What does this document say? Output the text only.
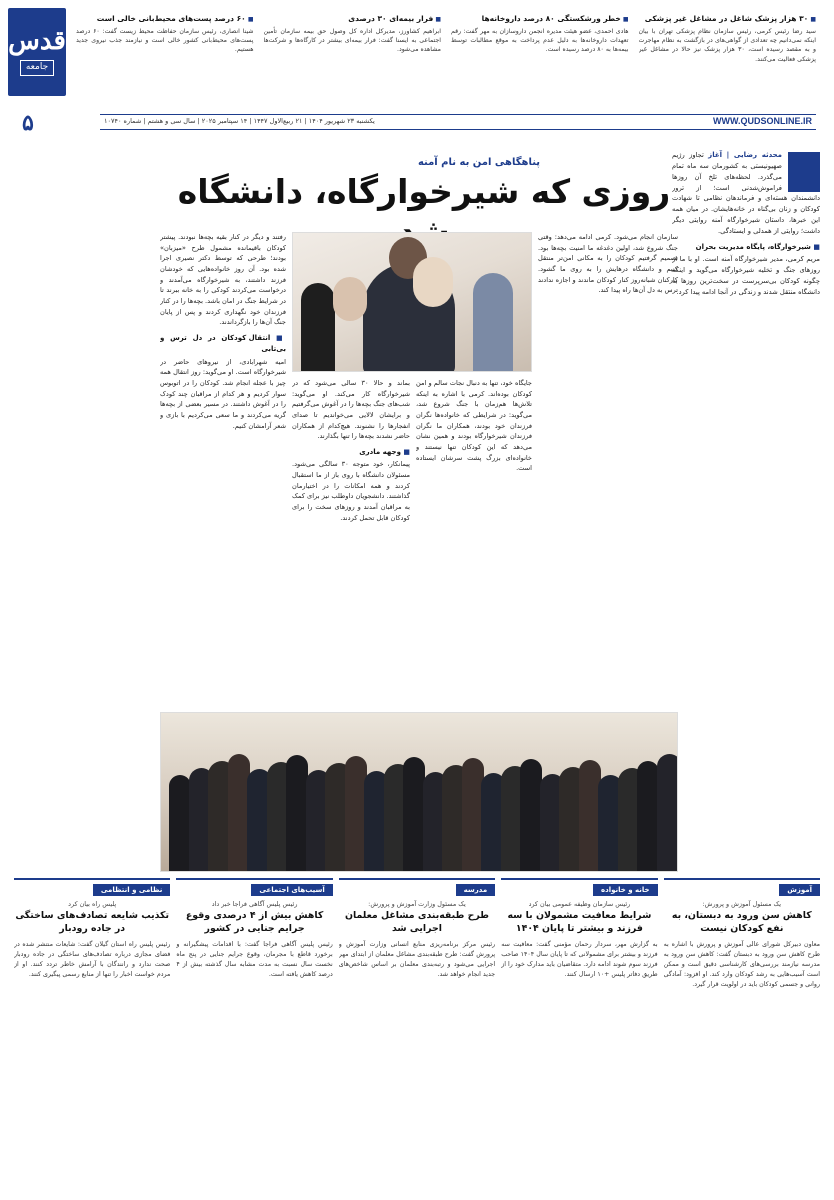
قدس
جامعه
■ ۳۰ هزار پزشک شاغل در مشاغل غیر پزشکی

سید رضا رئیس کرمی، رئیس سازمان نظام پزشکی تهران با بیان اینکه نمی‌دانیم چه تعدادی از گواهی‌های در بازگشت به نظام مهاجرت و به مقصد رسیده است، ۳۰ هزار پزشک نیز حالا در مشاغل غیر پزشکی فعالیت می‌کنند.

■ خطر ورشکستگی ۸۰ درصد داروخانه‌ها

هادی احمدی، عضو هیئت مدیره انجمن داروسازان به مهر گفت: رقم تعهدات داروخانه‌ها به دلیل عدم پرداخت به موقع مطالبات توسط بیمه‌ها به ۸۰ درصد رسیده است.

■ فرار بیمه‌ای ۳۰ درصدی

ابراهیم کشاورز، مدیرکل اداره کل وصول حق بیمه سازمان تأمین اجتماعی به ایسنا گفت: فرار بیمه‌ای بیشتر در کارگاه‌ها و شرکت‌ها مشاهده می‌شود.

■ ۶۰ درصد پست‌های محیط‌بانی خالی است

شینا انصاری، رئیس سازمان حفاظت محیط زیست گفت: ۶۰ درصد پست‌های محیط‌بانی کشور خالی است و نیازمند جذب نیروی جدید هستیم.

۵	WWW.QUDSONLINE.IR
یکشنبه ۲۳ شهریور ۱۴۰۴ | ۲۱ ربیع‌الاول ۱۴۴۷ | ۱۴ سپتامبر ۲۰۲۵ | سال سی و هشتم | شماره ۱۰۷۴۰

محدثه رضایی | آغاز تجاوز رژیم صهیونیستی به کشورمان سه ماه تمام می‌گذرد. لحظه‌های تلخ آن روزها فراموش‌شدنی است؛ از ترور دانشمندان هسته‌ای و فرماندهان نظامی تا شهادت کودکان و زنان بی‌گناه در خانه‌هایشان. در میان همه این خبرها، داستان شیرخوارگاه آمنه روایتی دیگر داشت؛ روایتی از همدلی و ایستادگی.

■ شیرخوارگاه، پایگاه مدیریت بحران

مریم کرمی، مدیر شیرخوارگاه آمنه است. او با ما از روزهای جنگ و تخلیه شیرخوارگاه می‌گوید و اینکه چگونه کودکان بی‌سرپرست در سخت‌ترین روزها به دانشگاه منتقل شدند و زندگی در آنجا ادامه پیدا کرد.

پناهگاهی امن به نام آمنه
روزی که شیرخوارگاه، دانشگاه

سازمان انجام می‌شود. کرمی ادامه می‌دهد: وقتی جنگ شروع شد، اولین دغدغه ما امنیت بچه‌ها بود. تصمیم گرفتیم کودکان را به مکانی امن‌تر منتقل کنیم و دانشگاه درهایش را به روی ما گشود. کارکنان شبانه‌روز کنار کودکان ماندند و اجازه ندادند ترس به دل آن‌ها راه پیدا کند.

جایگاه خود، تنها به دنبال نجات سالم و امن کودکان بوده‌اند. کرمی با اشاره به اینکه تلاش‌ها هم‌زمان با جنگ شروع شد، می‌گوید: در شرایطی که خانواده‌ها نگران فرزندان خود بودند، همکاران ما نگران فرزندان شیرخوارگاه بودند و همین نشان می‌دهد که این کودکان تنها نیستند و خانواده‌ای بزرگ پشت سرشان ایستاده است.

بماند و حالا ۳۰ سالی می‌شود که در شیرخوارگاه کار می‌کند. او می‌گوید: شب‌های جنگ بچه‌ها را در آغوش می‌گرفتیم و برایشان لالایی می‌خواندیم تا صدای انفجارها را نشنوند. هیچ‌کدام از همکاران حاضر نشدند بچه‌ها را تنها بگذارند.

■ وجهه مادری

پیمانکار، خود متوجه ۳۰ سالگی می‌شود. مسئولان دانشگاه با روی باز از ما استقبال کردند و همه امکانات را در اختیارمان گذاشتند. دانشجویان داوطلب نیز برای کمک به مراقبان آمدند و روزهای سخت را برای کودکان قابل تحمل کردند.

رفتند و دیگر در کنار بقیه بچه‌ها نبودند. پیشتر کودکان باقیمانده مشمول طرح «میزبان» بودند؛ طرحی که توسط دکتر نصیری اجرا شده بود. آن روز خانواده‌هایی که خودشان فرزند داشتند، به شیرخوارگاه می‌آمدند و درخواست می‌کردند کودکی را به خانه ببرند تا در شرایط جنگ در امان باشد. بچه‌ها را در کنار فرزندان خود نگهداری کردند و پس از پایان جنگ آن‌ها را بازگرداندند.

■ انتقال کودکان در دل ترس و بی‌تابی

امیه شهرابادی، از نیروهای حاضر در شیرخوارگاه است. او می‌گوید: روز انتقال همه چیز با عجله انجام شد. کودکان را در اتوبوس سوار کردیم و هر کدام از مراقبان چند کودک را در آغوش داشتند. در مسیر بعضی از بچه‌ها گریه می‌کردند و ما سعی می‌کردیم با بازی و شعر آرامشان کنیم.

آموزش
یک مسئول آموزش و پرورش:
کاهش سن ورود به دبستان، به نفع کودکان نیست

معاون دبیرکل شورای عالی آموزش و پرورش با اشاره به طرح کاهش سن ورود به دبستان گفت: کاهش سن ورود به مدرسه نیازمند بررسی‌های کارشناسی دقیق است و ممکن است آسیب‌هایی به رشد کودکان وارد کند. او افزود: آمادگی روانی و جسمی کودکان باید در اولویت قرار گیرد.

خانه و خانواده
رئیس سازمان وظیفه عمومی بیان کرد
شرایط معافیت مشمولان با سه فرزند و بیشتر تا پایان ۱۴۰۴

به گزارش مهر، سردار رحمان مؤمنی گفت: معافیت سه فرزند و بیشتر برای مشمولانی که تا پایان سال ۱۴۰۴ صاحب فرزند سوم شوند ادامه دارد. متقاضیان باید مدارک خود را از طریق دفاتر پلیس +۱۰ ارسال کنند.

مدرسه
یک مسئول وزارت آموزش و پرورش:
طرح طبقه‌بندی مشاغل معلمان اجرایی شد

رئیس مرکز برنامه‌ریزی منابع انسانی وزارت آموزش و پرورش گفت: طرح طبقه‌بندی مشاغل معلمان از ابتدای مهر اجرایی می‌شود و رتبه‌بندی معلمان بر اساس شاخص‌های جدید انجام خواهد شد.

آسیب‌های اجتماعی
رئیس پلیس آگاهی فراجا خبر داد
کاهش بیش از ۴ درصدی وقوع جرایم جنایی در کشور

رئیس پلیس آگاهی فراجا گفت: با اقدامات پیشگیرانه و برخورد قاطع با مجرمان، وقوع جرایم جنایی در پنج ماه نخست سال نسبت به مدت مشابه سال گذشته بیش از ۴ درصد کاهش یافته است.

نظامی و انتظامی
پلیس راه بیان کرد
تکذیب شایعه تصادف‌های ساختگی در جاده رودبار

رئیس پلیس راه استان گیلان گفت: شایعات منتشر شده در فضای مجازی درباره تصادف‌های ساختگی در جاده رودبار صحت ندارد و رانندگان با آرامش خاطر تردد کنند. او از مردم خواست اخبار را تنها از منابع رسمی پیگیری کنند.
